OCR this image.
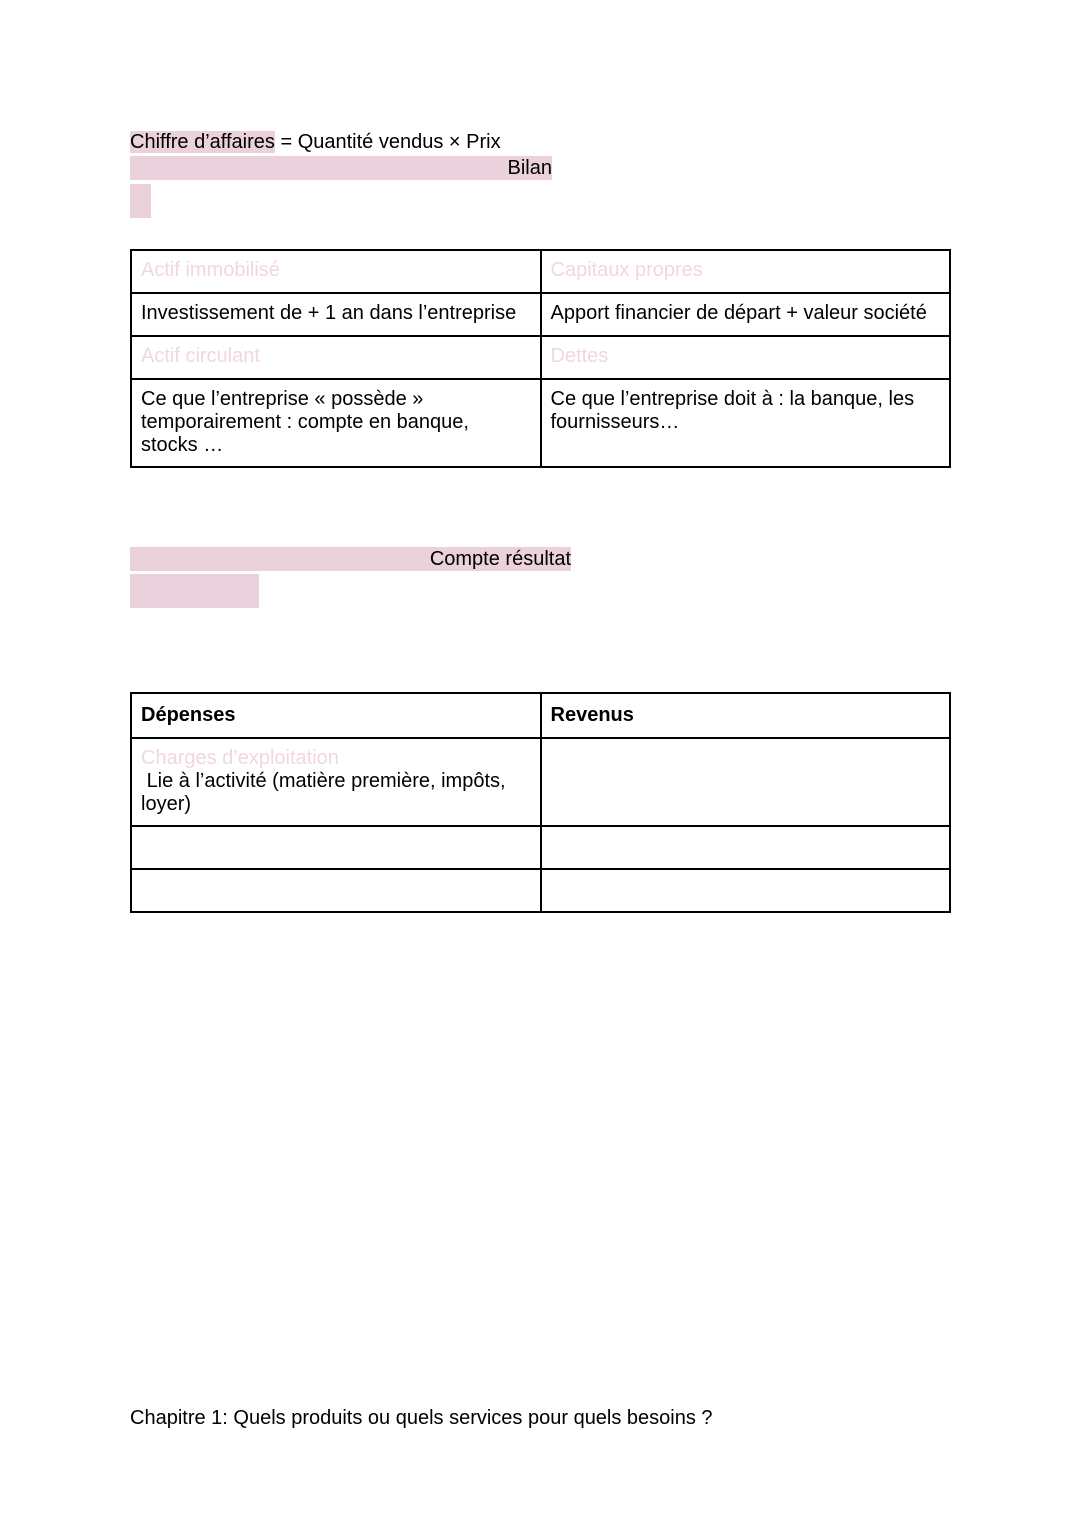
Chiffre d’affaires = Quantité vendus × Prix
Bilan
Actif immobilisé	Capitaux propres
Investissement de + 1 an dans l’entreprise	Apport financier de départ + valeur société
Actif circulant	Dettes
Ce que l’entreprise « possède » temporairement : compte en banque, stocks …	Ce que l’entreprise doit à : la banque, les fournisseurs…
Compte résultat
Dépenses	Revenus

Charges d’exploitation
Lie à l’activité (matière première, impôts, loyer)	

Chapitre 1: Quels produits ou quels services pour quels besoins ?
